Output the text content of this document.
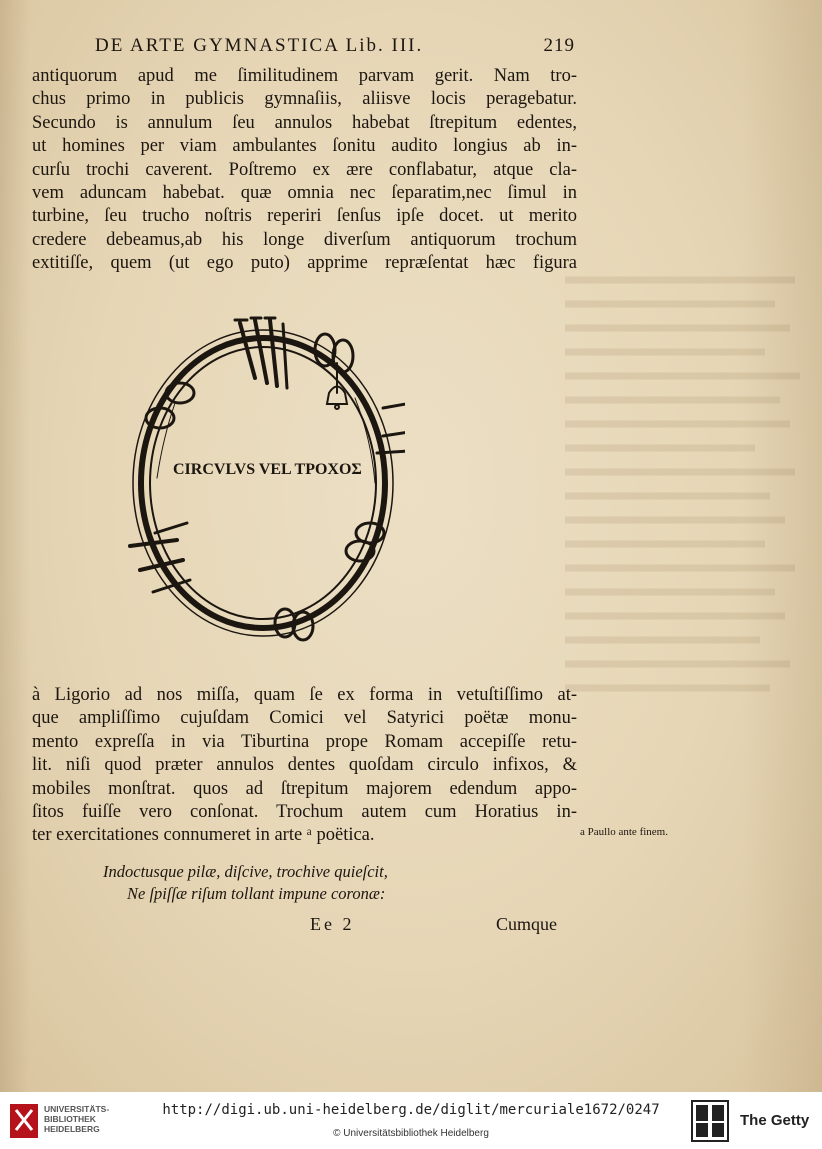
DE ARTE GYMNASTICA Lib. III.	219
antiquorum apud me ſimilitudinem parvam gerit. Nam tro-
chus primo in publicis gymnaſiis, aliisve locis peragebatur.
Secundo is annulum ſeu annulos habebat ſtrepitum edentes,
ut homines per viam ambulantes ſonitu audito longius ab in-
curſu trochi caverent. Poſtremo ex ære conflabatur, atque cla-
vem aduncam habebat. quæ omnia nec ſeparatim,nec ſimul in
turbine, ſeu trucho noſtris reperiri ſenſus ipſe docet. ut merito
credere debeamus,ab his longe diverſum antiquorum trochum
extitiſſe, quem (ut ego puto) apprime repræſentat hæc figura
CIRCVLVS VEL TPOXOΣ
à Ligorio ad nos miſſa, quam ſe ex forma in vetuſtiſſimo at-
que ampliſſimo cujuſdam Comici vel Satyrici poëtæ monu-
mento expreſſa in via Tiburtina prope Romam accepiſſe retu-
lit. niſi quod præter annulos dentes quoſdam circulo infixos, &
mobiles monſtrat. quos ad ſtrepitum majorem edendum appo-
ſitos fuiſſe vero conſonat. Trochum autem cum Horatius in-
ter exercitationes connumeret in arte ᵃ poëtica.	a Paullo ante finem.
Indoctusque pilæ, diſcive, trochive quieſcit,
Ne ſpiſſæ riſum tollant impune coronæ:
Ee 2	Cumque
UNIVERSITÄTS-
BIBLIOTHEK
HEIDELBERG
http://digi.ub.uni-heidelberg.de/diglit/mercuriale1672/0247
© Universitätsbibliothek Heidelberg
The Getty
